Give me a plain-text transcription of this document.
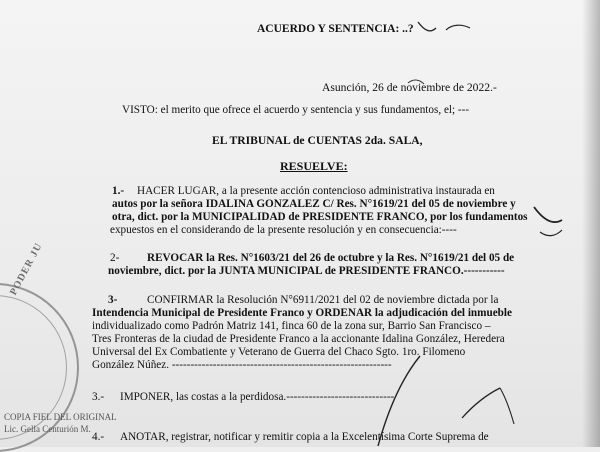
ACUERDO Y SENTENCIA: ..?
Asunción, 26 de noviembre de 2022.-
VISTO: el merito que ofrece el acuerdo y sentencia y sus fundamentos, el; ---
EL TRIBUNAL de CUENTAS 2da. SALA,
RESUELVE:
1.- HACER LUGAR, a la presente acción contencioso administrativa instaurada en
autos por la señora IDALINA GONZALEZ C/ Res. N°1619/21 del 05 de noviembre y
otra, dict. por la MUNICIPALIDAD de PRESIDENTE FRANCO, por los fundamentos
expuestos en el considerando de la presente resolución y en consecuencia:----
2- REVOCAR la Res. N°1603/21 del 26 de octubre y la Res. N°1619/21 del 05 de
noviembre, dict. por la JUNTA MUNICIPAL de PRESIDENTE FRANCO.-----------
3-	CONFIRMAR la Resolución N°6911/2021 del 02 de noviembre dictada por la
Intendencia Municipal de Presidente Franco y ORDENAR la adjudicación del inmueble
individualizado como Padrón Matriz 141, finca 60 de la zona sur, Barrio San Francisco –
Tres Fronteras de la ciudad de Presidente Franco a la accionante Idalina González, Heredera
Universal del Ex Combatiente y Veterano de Guerra del Chaco Sgto. 1ro. Filomeno
González Núñez. -----------------------------------------------------------
3.- IMPONER, las costas a la perdidosa.-----------------------------
4.- ANOTAR, registrar, notificar y remitir copia a la Excelentísima Corte Suprema de
PODER JU
COPIA FIEL DEL ORIGINAL
Lic. Gella Centurión M.
